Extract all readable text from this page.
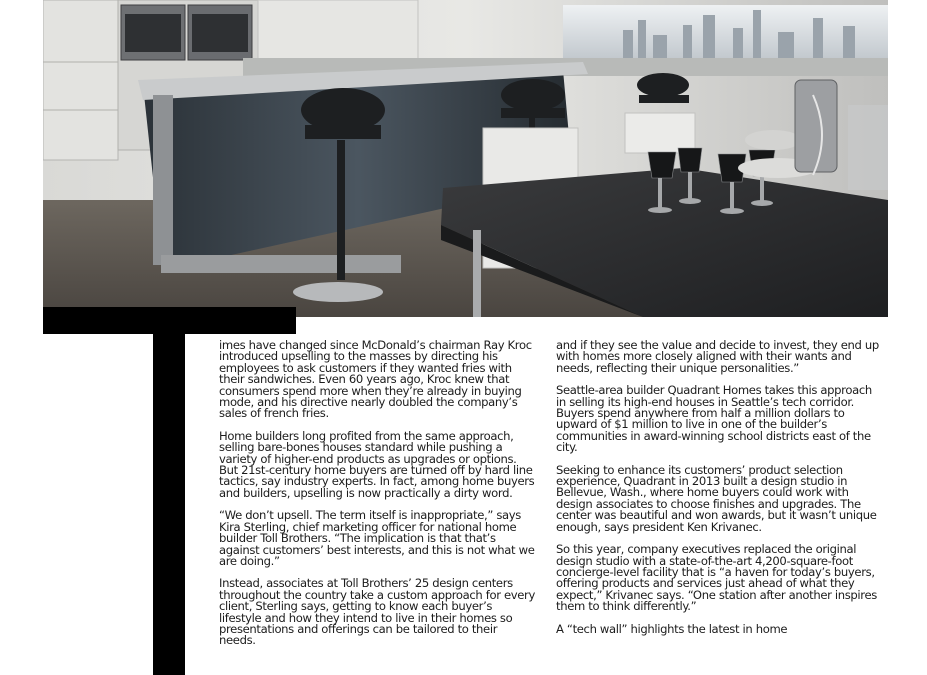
imes have changed since McDonald’s chairman Ray Kroc introduced upselling to the masses by directing his employees to ask customers if they wanted fries with their sandwiches. Even 60 years ago, Kroc knew that consumers spend more when they’re already in buying mode, and his directive nearly doubled the company’s sales of french fries.

Home builders long profited from the same approach, selling bare-bones houses standard while pushing a variety of higher-end products as upgrades or options. But 21st-century home buyers are turned off by hard line tactics, say industry experts. In fact, among home buyers and builders, upselling is now practically a dirty word.

“We don’t upsell. The term itself is inappropriate,” says Kira Sterling, chief marketing officer for national home builder Toll Brothers. “The implication is that that’s against customers’ best interests, and this is not what we are doing.”

Instead, associates at Toll Brothers’ 25 design centers throughout the country take a custom approach for every client, Sterling says, getting to know each buyer’s lifestyle and how they intend to live in their homes so presentations and offerings can be tailored to their needs.

and if they see the value and decide to invest, they end up with homes more closely aligned with their wants and needs, reflecting their unique personalities.”

Seattle-area builder Quadrant Homes takes this approach in selling its high-end houses in Seattle’s tech corridor. Buyers spend anywhere from half a million dollars to upward of $1 million to live in one of the builder’s communities in award-winning school districts east of the city.

Seeking to enhance its customers’ product selection experience, Quadrant in 2013 built a design studio in Bellevue, Wash., where home buyers could work with design associates to choose finishes and upgrades. The center was beautiful and won awards, but it wasn’t unique enough, says president Ken Krivanec.

So this year, company executives replaced the original design studio with a state-of-the-art 4,200-square-foot concierge-level facility that is “a haven for today’s buyers, offering products and services just ahead of what they expect,” Krivanec says. “One station after another inspires them to think differently.”

A “tech wall” highlights the latest in home
